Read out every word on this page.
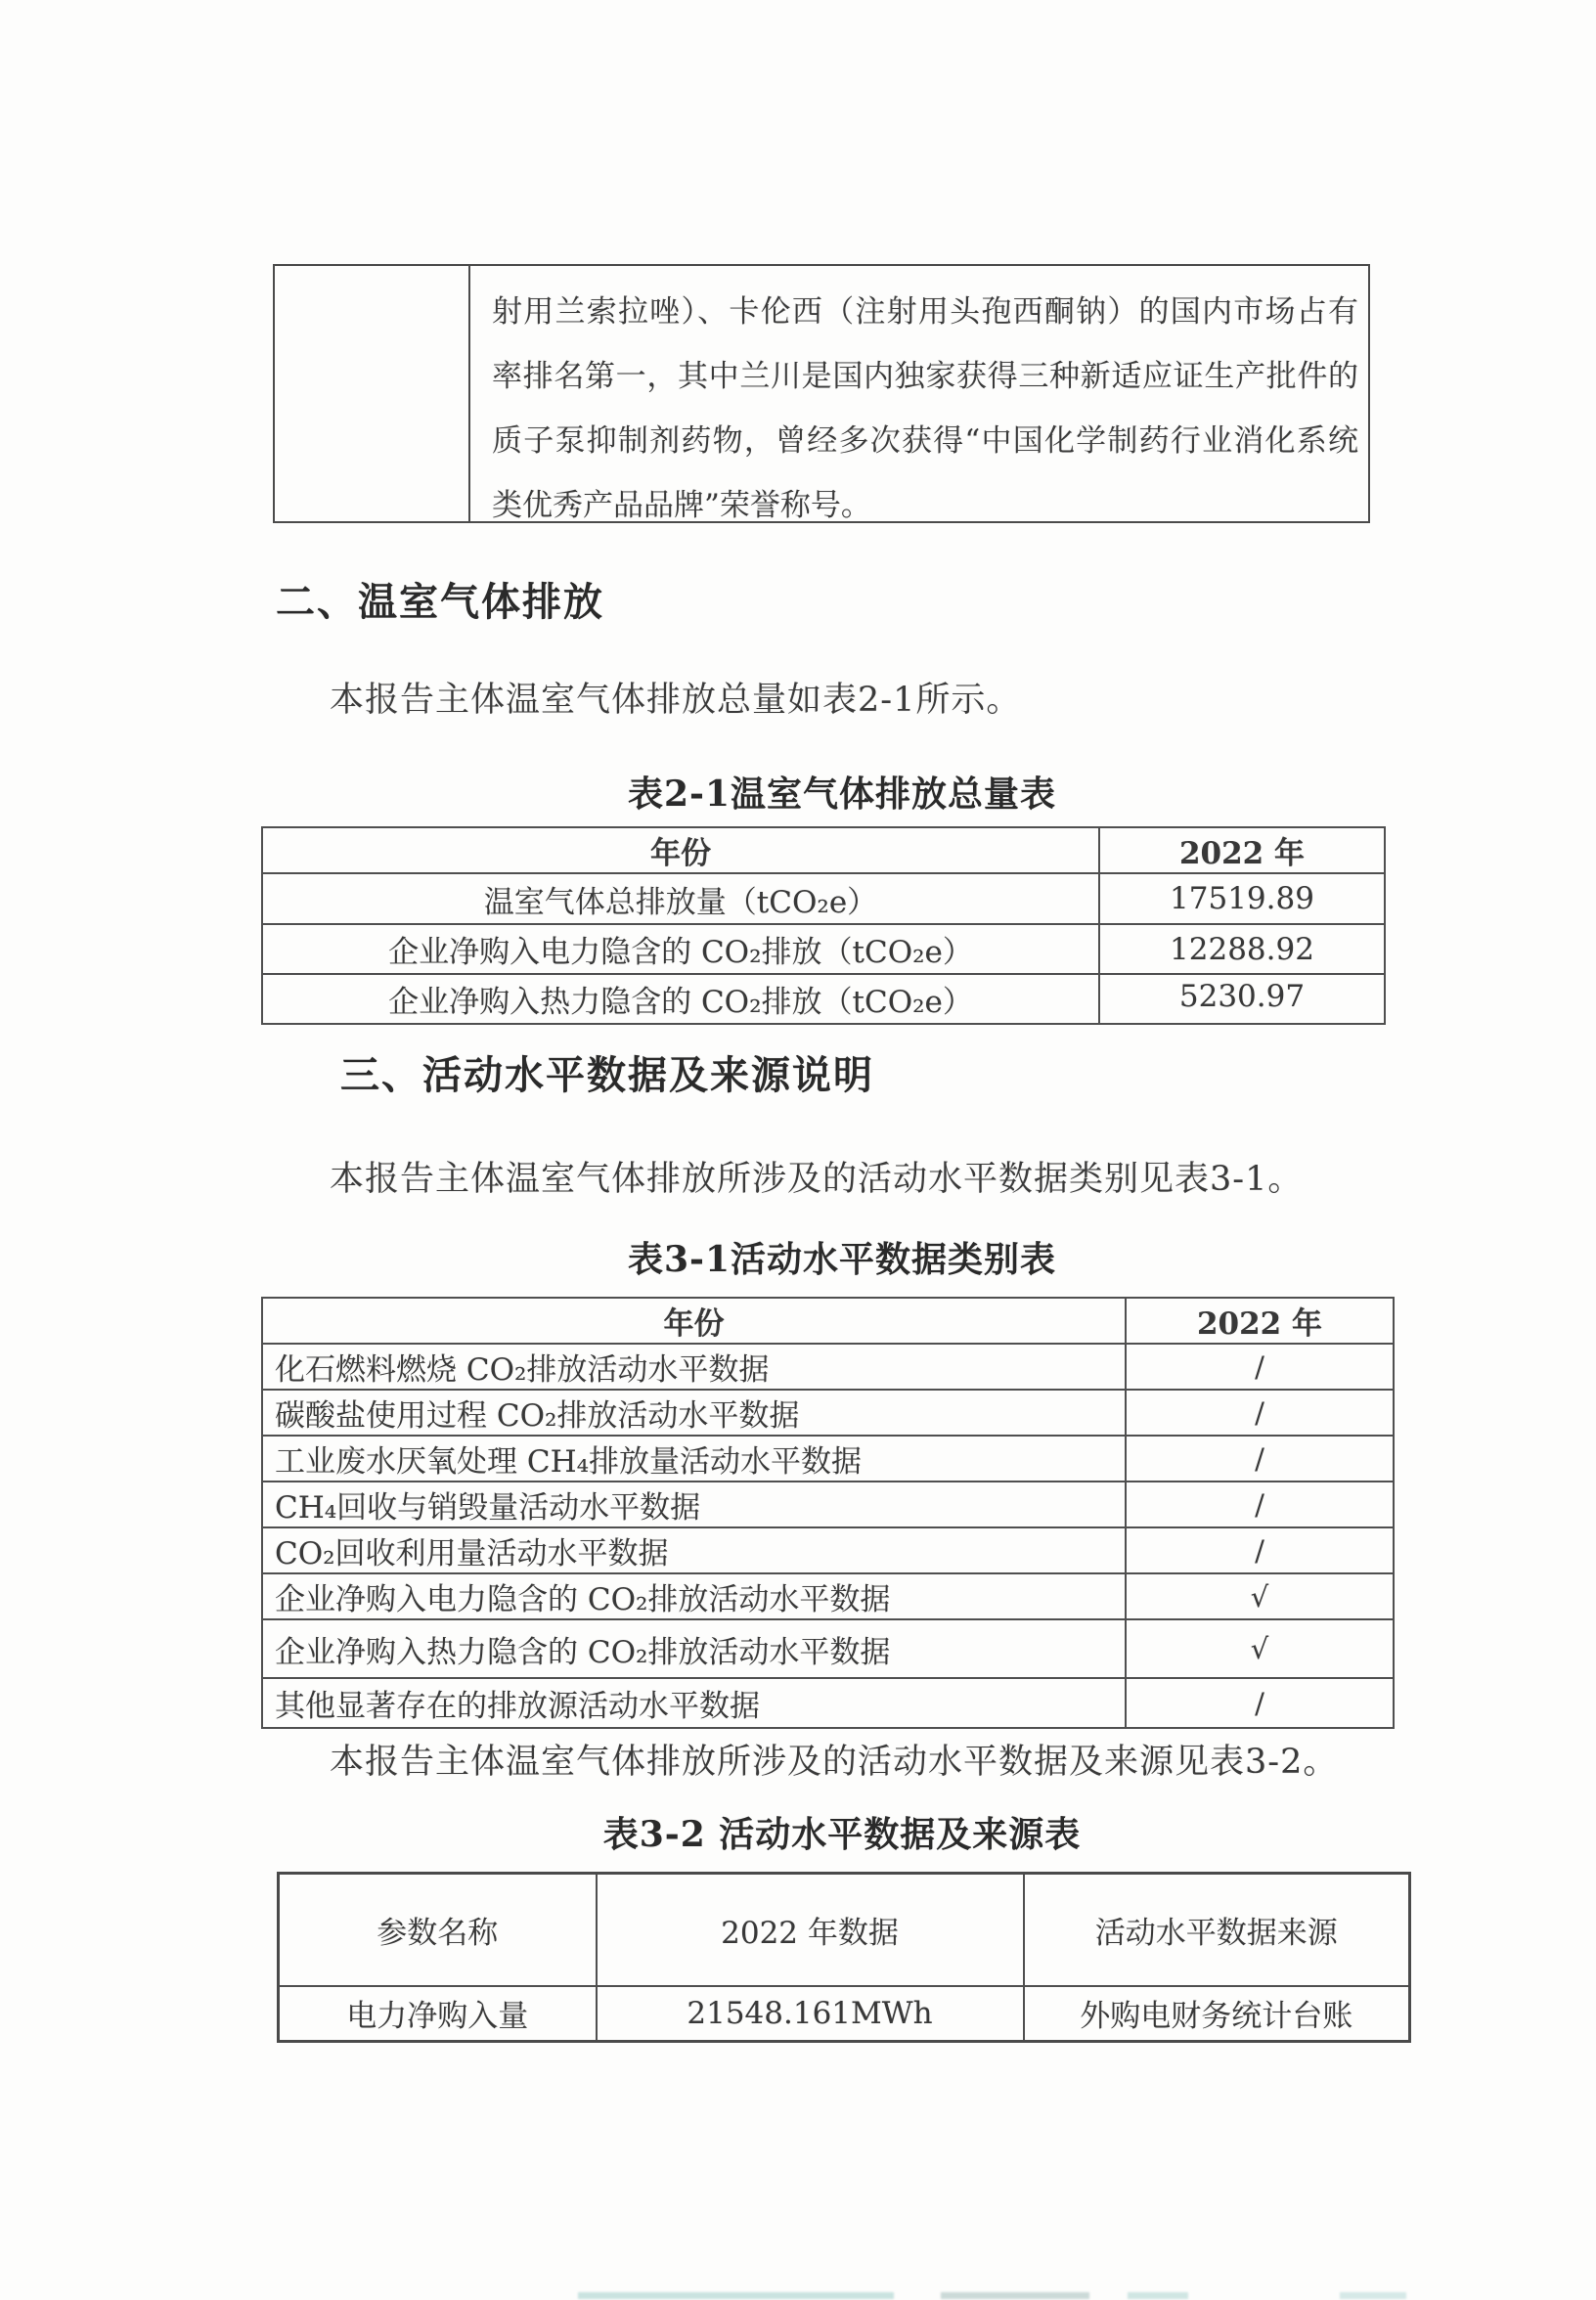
射用兰索拉唑）、卡伦西（注射用头孢西酮钠）的国内市场占有
率排名第一，其中兰川是国内独家获得三种新适应证生产批件的
质子泵抑制剂药物，曾经多次获得“中国化学制药行业消化系统
类优秀产品品牌”荣誉称号。
二、温室气体排放
本报告主体温室气体排放总量如表2-1所示。
表2-1温室气体排放总量表
年份	2022 年
温室气体总排放量（tCO₂e）	17519.89
企业净购入电力隐含的 CO₂排放（tCO₂e）	12288.92
企业净购入热力隐含的 CO₂排放（tCO₂e）	5230.97
三、活动水平数据及来源说明
本报告主体温室气体排放所涉及的活动水平数据类别见表3-1。
表3-1活动水平数据类别表
年份	2022 年
化石燃料燃烧 CO₂排放活动水平数据	/
碳酸盐使用过程 CO₂排放活动水平数据	/
工业废水厌氧处理 CH₄排放量活动水平数据	/
CH₄回收与销毁量活动水平数据	/
CO₂回收利用量活动水平数据	/
企业净购入电力隐含的 CO₂排放活动水平数据	√
企业净购入热力隐含的 CO₂排放活动水平数据	√
其他显著存在的排放源活动水平数据	/
本报告主体温室气体排放所涉及的活动水平数据及来源见表3-2。
表3-2 活动水平数据及来源表
参数名称	2022 年数据	活动水平数据来源
电力净购入量	21548.161MWh	外购电财务统计台账
